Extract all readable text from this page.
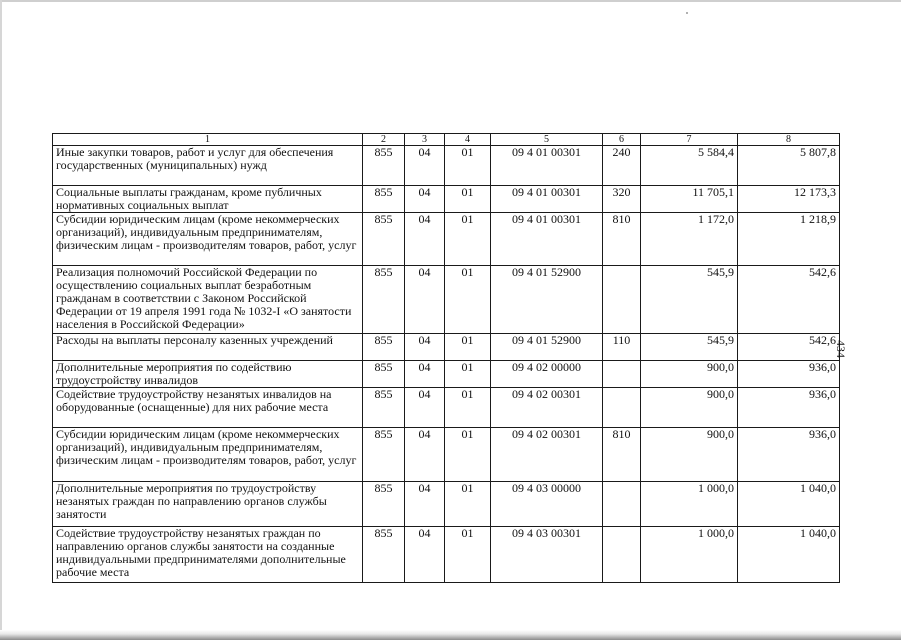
1	2	3	4	5	6	7	8
Иные закупки товаров, работ и услуг для обеспечения государственных (муниципальных) нужд	855	04	01	09 4 01 00301	240	5 584,4	5 807,8
Социальные выплаты гражданам, кроме публичных нормативных социальных выплат	855	04	01	09 4 01 00301	320	11 705,1	12 173,3
Субсидии юридическим лицам (кроме некоммерческих организаций), индивидуальным предпринимателям, физическим лицам - производителям товаров, работ, услуг	855	04	01	09 4 01 00301	810	1 172,0	1 218,9
Реализация полномочий Российской Федерации по осуществлению социальных выплат безработным гражданам в соответствии с Законом Российской Федерации от 19 апреля 1991 года № 1032-I «О занятости населения в Российской Федерации»	855	04	01	09 4 01 52900		545,9	542,6
Расходы на выплаты персоналу казенных учреждений	855	04	01	09 4 01 52900	110	545,9	542,6
Дополнительные мероприятия по содействию трудоустройству инвалидов	855	04	01	09 4 02 00000		900,0	936,0
Содействие трудоустройству незанятых инвалидов на оборудованные (оснащенные) для них рабочие места	855	04	01	09 4 02 00301		900,0	936,0
Субсидии юридическим лицам (кроме некоммерческих организаций), индивидуальным предпринимателям, физическим лицам - производителям товаров, работ, услуг	855	04	01	09 4 02 00301	810	900,0	936,0
Дополнительные мероприятия по трудоустройству незанятых граждан по направлению органов службы занятости	855	04	01	09 4 03 00000		1 000,0	1 040,0
Содействие трудоустройству незанятых граждан по направлению органов службы занятости на созданные индивидуальными предпринимателями дополнительные рабочие места	855	04	01	09 4 03 00301		1 000,0	1 040,0
434
